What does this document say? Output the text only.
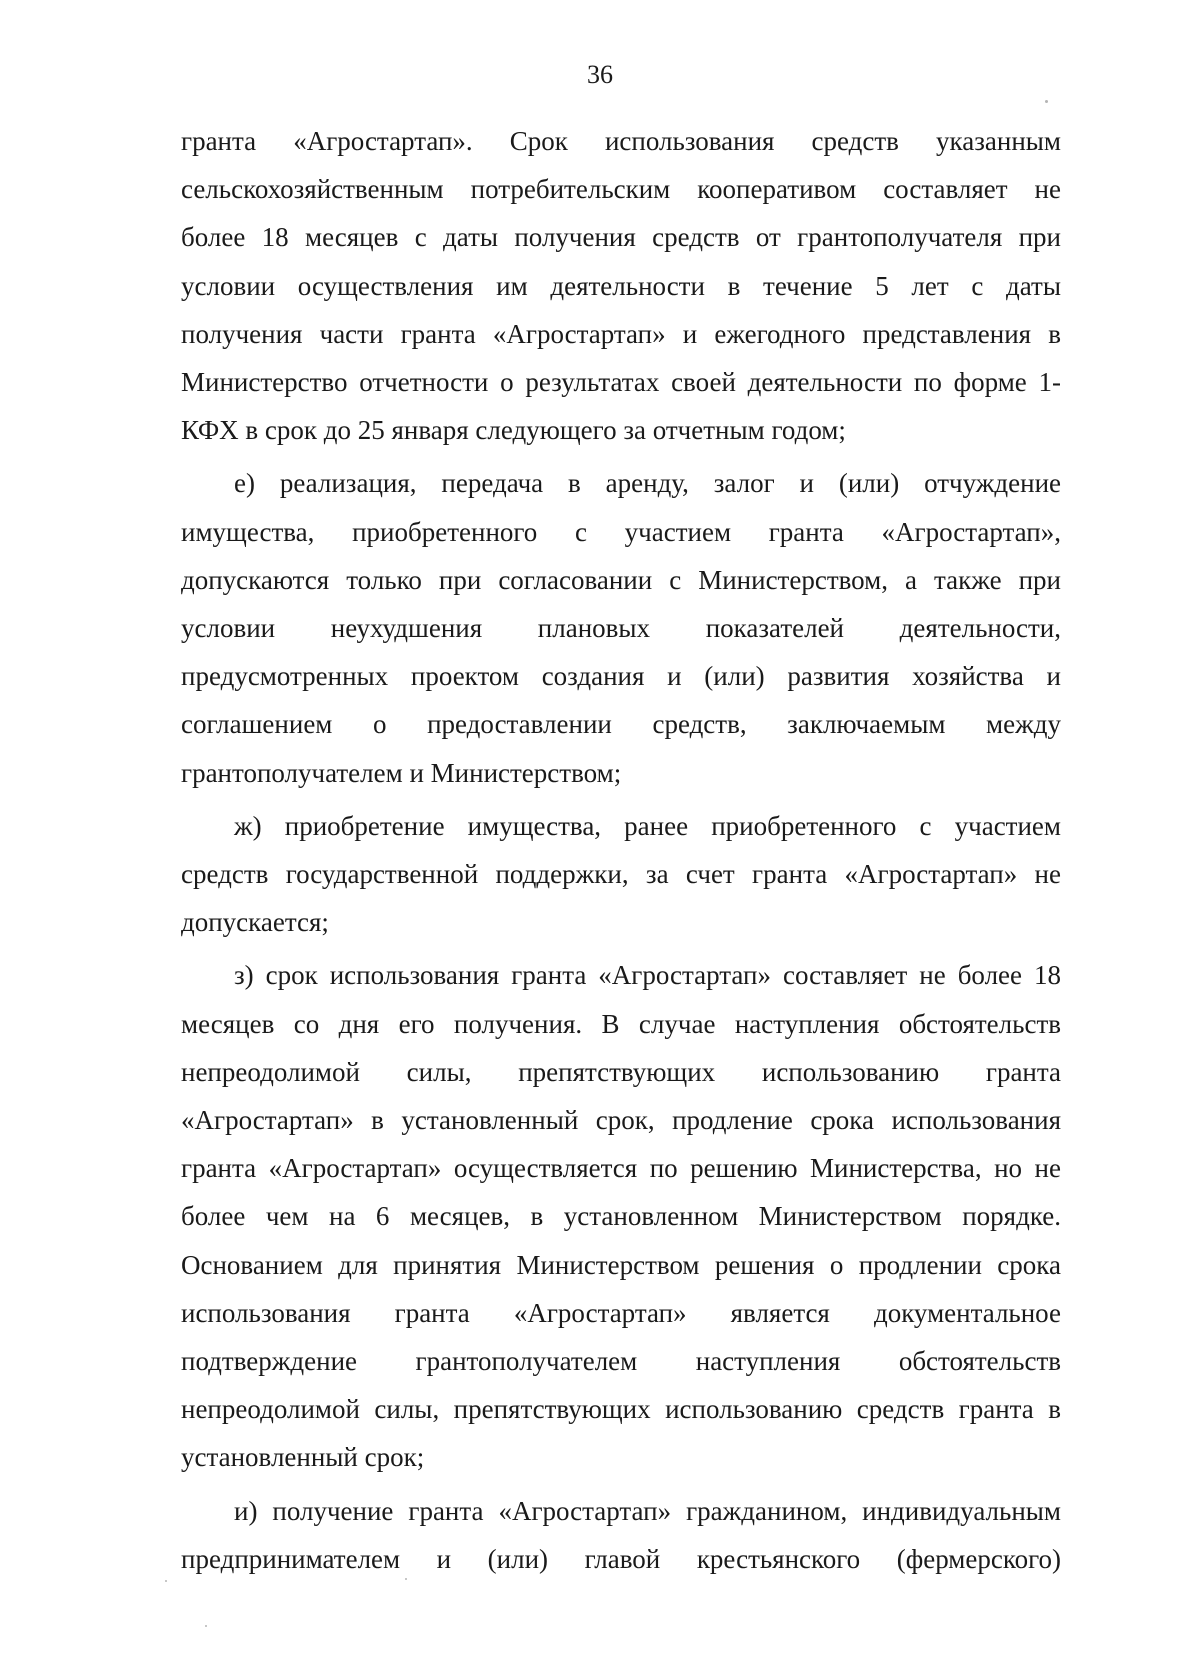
36
гранта «Агростартап». Срок использования средств указанным
сельскохозяйственным потребительским кооперативом составляет не
более 18 месяцев с даты получения средств от грантополучателя при
условии осуществления им деятельности в течение 5 лет с даты
получения части гранта «Агростартап» и ежегодного представления в
Министерство отчетности о результатах своей деятельности по форме 1-
КФХ в срок до 25 января следующего за отчетным годом;
е) реализация, передача в аренду, залог и (или) отчуждение
имущества, приобретенного с участием гранта «Агростартап»,
допускаются только при согласовании с Министерством, а также при
условии неухудшения плановых показателей деятельности,
предусмотренных проектом создания и (или) развития хозяйства и
соглашением о предоставлении средств, заключаемым между
грантополучателем и Министерством;
ж) приобретение имущества, ранее приобретенного с участием
средств государственной поддержки, за счет гранта «Агростартап» не
допускается;
з) срок использования гранта «Агростартап» составляет не более 18
месяцев со дня его получения. В случае наступления обстоятельств
непреодолимой силы, препятствующих использованию гранта
«Агростартап» в установленный срок, продление срока использования
гранта «Агростартап» осуществляется по решению Министерства, но не
более чем на 6 месяцев, в установленном Министерством порядке.
Основанием для принятия Министерством решения о продлении срока
использования гранта «Агростартап» является документальное
подтверждение грантополучателем наступления обстоятельств
непреодолимой силы, препятствующих использованию средств гранта в
установленный срок;
и) получение гранта «Агростартап» гражданином, индивидуальным
предпринимателем и (или) главой крестьянского (фермерского)
